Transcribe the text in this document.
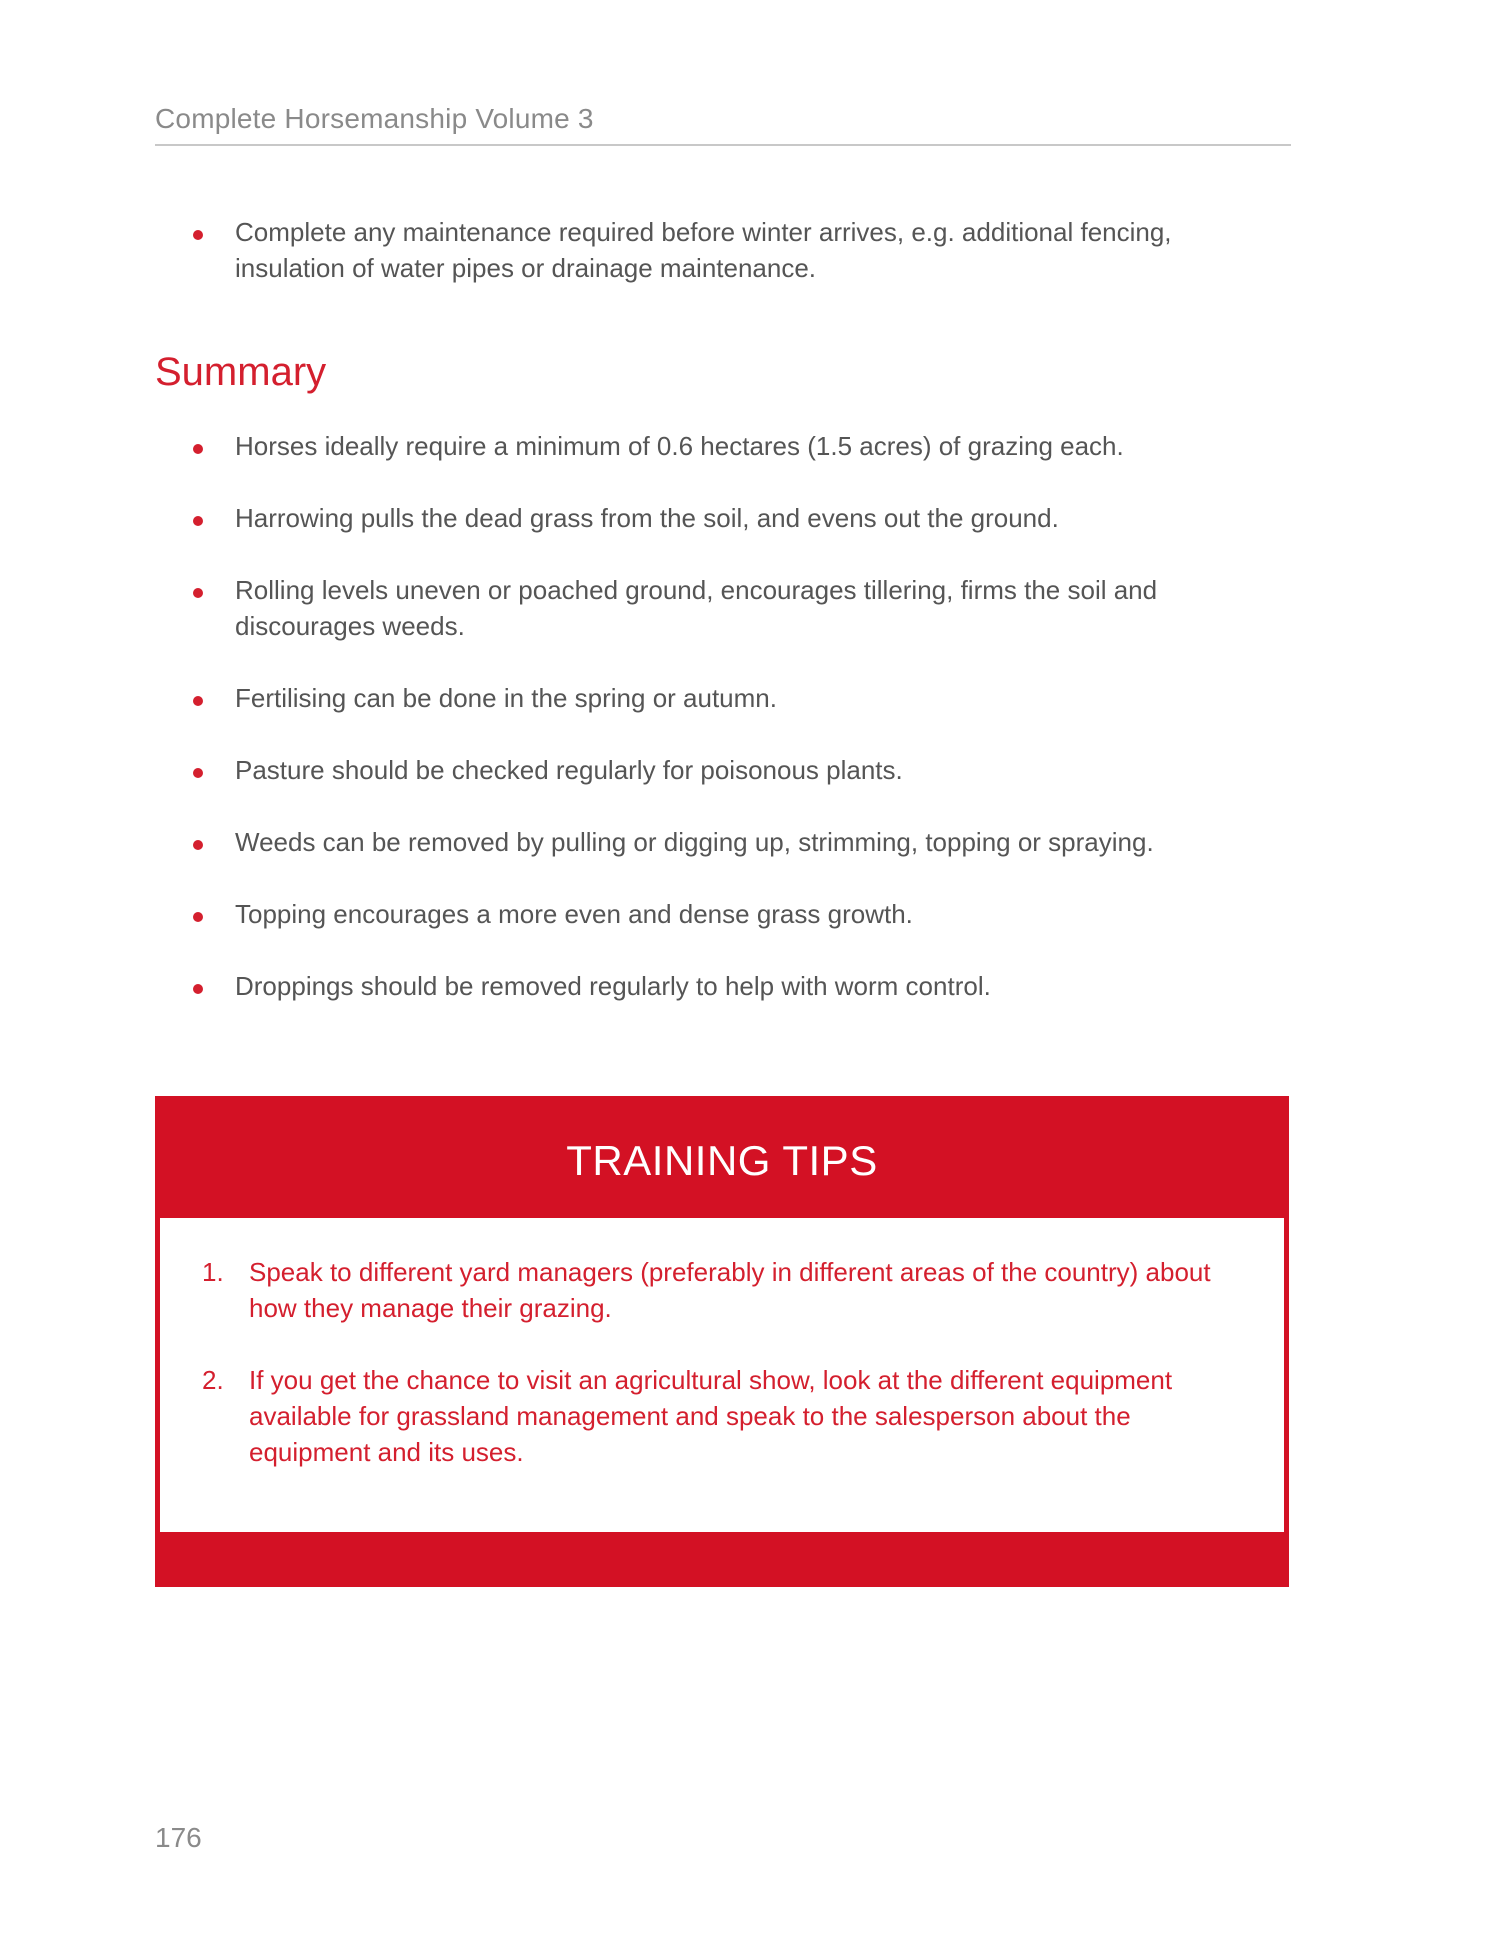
Complete Horsemanship Volume 3
Complete any maintenance required before winter arrives, e.g. additional fencing, insulation of water pipes or drainage maintenance.
Summary
Horses ideally require a minimum of 0.6 hectares (1.5 acres) of grazing each.
Harrowing pulls the dead grass from the soil, and evens out the ground.
Rolling levels uneven or poached ground, encourages tillering, firms the soil and discourages weeds.
Fertilising can be done in the spring or autumn.
Pasture should be checked regularly for poisonous plants.
Weeds can be removed by pulling or digging up, strimming, topping or spraying.
Topping encourages a more even and dense grass growth.
Droppings should be removed regularly to help with worm control.
TRAINING TIPS
1. Speak to different yard managers (preferably in different areas of the country) about how they manage their grazing.
2. If you get the chance to visit an agricultural show, look at the different equipment available for grassland management and speak to the salesperson about the equipment and its uses.
176
